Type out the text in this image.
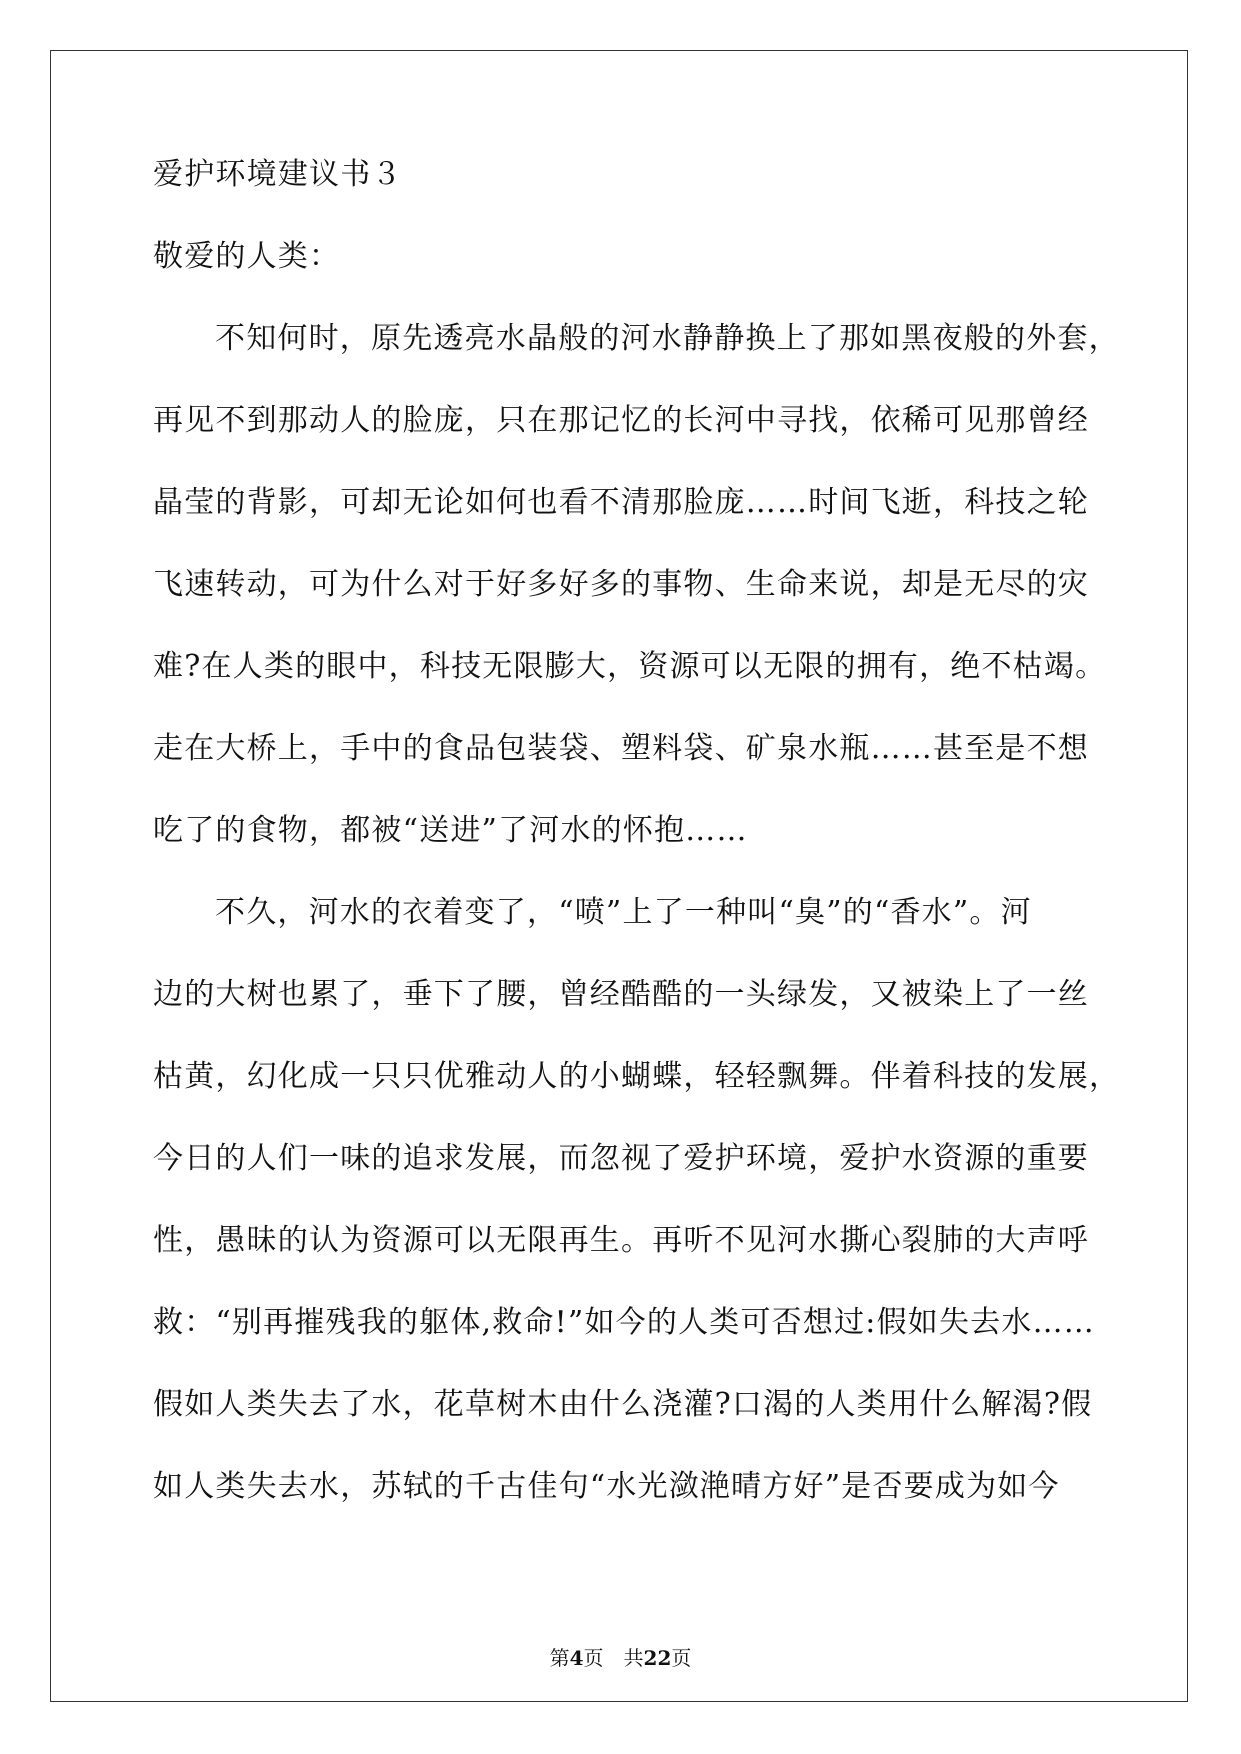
爱护环境建议书３
敬爱的人类：
不知何时，原先透亮水晶般的河水静静换上了那如黑夜般的外套，
再见不到那动人的脸庞，只在那记忆的长河中寻找，依稀可见那曾经
晶莹的背影，可却无论如何也看不清那脸庞……时间飞逝，科技之轮
飞速转动，可为什么对于好多好多的事物、生命来说，却是无尽的灾
难?在人类的眼中，科技无限膨大，资源可以无限的拥有，绝不枯竭。
走在大桥上，手中的食品包装袋、塑料袋、矿泉水瓶……甚至是不想
吃了的食物，都被“送进”了河水的怀抱……
不久，河水的衣着变了，“喷”上了一种叫“臭”的“香水”。河
边的大树也累了，垂下了腰，曾经酷酷的一头绿发，又被染上了一丝
枯黄，幻化成一只只优雅动人的小蝴蝶，轻轻飘舞。伴着科技的发展，
今日的人们一味的追求发展，而忽视了爱护环境，爱护水资源的重要
性，愚昧的认为资源可以无限再生。再听不见河水撕心裂肺的大声呼
救：“别再摧残我的躯体,救命!”如今的人类可否想过:假如失去水……
假如人类失去了水，花草树木由什么浇灌?口渴的人类用什么解渴?假
如人类失去水，苏轼的千古佳句“水光潋滟晴方好”是否要成为如今
第4页　共22页
